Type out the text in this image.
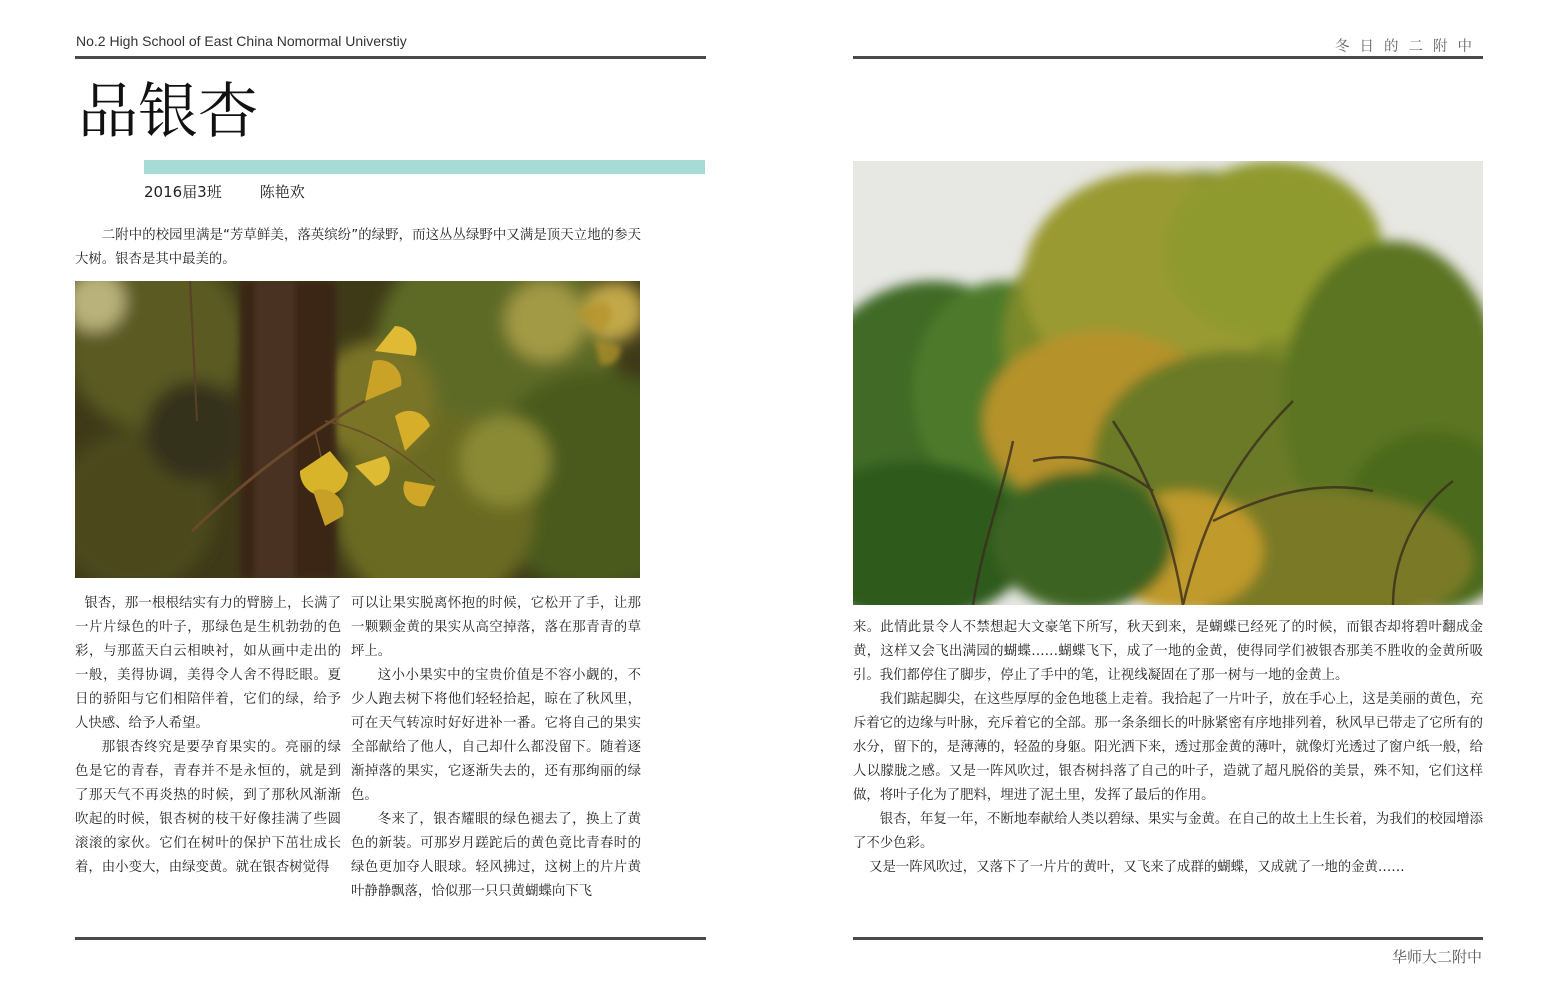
No.2 High School of East China Nomormal Universtiy	冬日的二附中
品银杏
2016届3班	陈艳欢

二附中的校园里满是“芳草鲜美，落英缤纷”的绿野，而这丛丛绿野中又满是顶天立地的参天大树。银杏是其中最美的。

银杏，那一根根结实有力的臂膀上，长满了一片片绿色的叶子，那绿色是生机勃勃的色彩，与那蓝天白云相映衬，如从画中走出的一般，美得协调，美得令人舍不得眨眼。夏日的骄阳与它们相陪伴着，它们的绿，给予人快感、给予人希望。

那银杏终究是要孕育果实的。亮丽的绿色是它的青春，青春并不是永恒的，就是到了那天气不再炎热的时候，到了那秋风渐渐吹起的时候，银杏树的枝干好像挂满了些圆滚滚的家伙。它们在树叶的保护下茁壮成长着，由小变大，由绿变黄。就在银杏树觉得

可以让果实脱离怀抱的时候，它松开了手，让那一颗颗金黄的果实从高空掉落，落在那青青的草坪上。

这小小果实中的宝贵价值是不容小觑的，不少人跑去树下将他们轻轻拾起，晾在了秋风里，可在天气转凉时好好进补一番。它将自己的果实全部献给了他人，自己却什么都没留下。随着逐渐掉落的果实，它逐渐失去的，还有那绚丽的绿色。

冬来了，银杏耀眼的绿色褪去了，换上了黄色的新装。可那岁月蹉跎后的黄色竟比青春时的绿色更加夺人眼球。轻风拂过，这树上的片片黄叶静静飘落，恰似那一只只黄蝴蝶向下飞

来。此情此景令人不禁想起大文豪笔下所写，秋天到来，是蝴蝶已经死了的时候，而银杏却将碧叶翻成金黄，这样又会飞出满园的蝴蝶……蝴蝶飞下，成了一地的金黄，使得同学们被银杏那美不胜收的金黄所吸引。我们都停住了脚步，停止了手中的笔，让视线凝固在了那一树与一地的金黄上。

我们踮起脚尖，在这些厚厚的金色地毯上走着。我拾起了一片叶子，放在手心上，这是美丽的黄色，充斥着它的边缘与叶脉，充斥着它的全部。那一条条细长的叶脉紧密有序地排列着，秋风早已带走了它所有的水分，留下的，是薄薄的，轻盈的身躯。阳光洒下来，透过那金黄的薄叶，就像灯光透过了窗户纸一般，给人以朦胧之感。又是一阵风吹过，银杏树抖落了自己的叶子，造就了超凡脱俗的美景，殊不知，它们这样做，将叶子化为了肥料，埋进了泥土里，发挥了最后的作用。

银杏，年复一年，不断地奉献给人类以碧绿、果实与金黄。在自己的故土上生长着，为我们的校园增添了不少色彩。

又是一阵风吹过，又落下了一片片的黄叶，又飞来了成群的蝴蝶，又成就了一地的金黄……

华师大二附中
